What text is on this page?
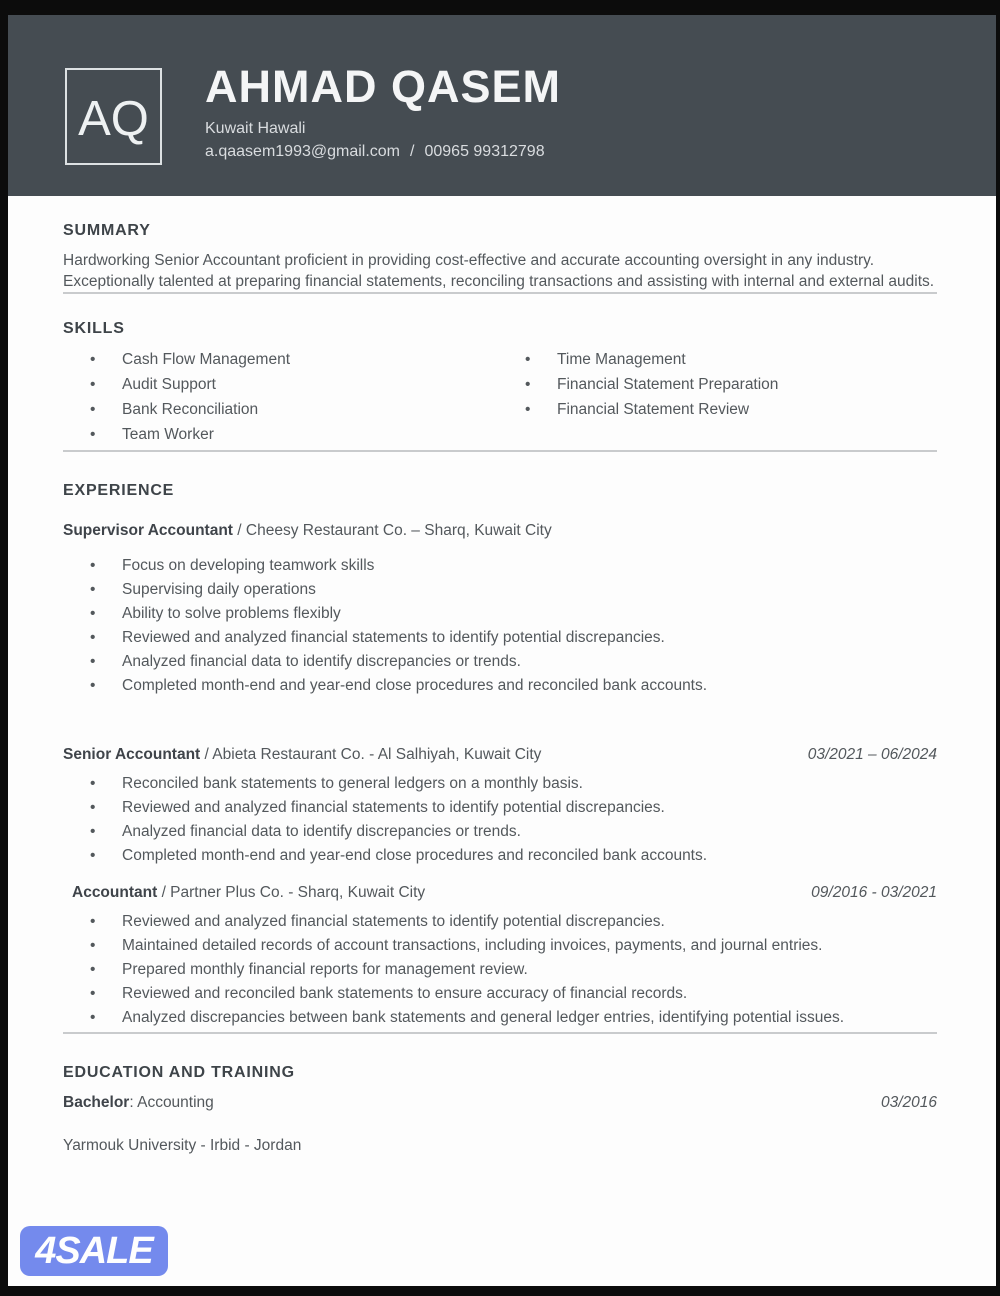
AQ
AHMAD QASEM
Kuwait Hawali
a.qaasem1993@gmail.com / 00965 99312798
SUMMARY

Hardworking Senior Accountant proficient in providing cost-effective and accurate accounting oversight in any industry. Exceptionally talented at preparing financial statements, reconciling transactions and assisting with internal and external audits.

SKILLS
• Cash Flow Management
• Audit Support
• Bank Reconciliation
• Team Worker
• Time Management
• Financial Statement Preparation
• Financial Statement Review
EXPERIENCE
Supervisor Accountant / Cheesy Restaurant Co. – Sharq, Kuwait City
• Focus on developing teamwork skills
• Supervising daily operations
• Ability to solve problems flexibly
• Reviewed and analyzed financial statements to identify potential discrepancies.
• Analyzed financial data to identify discrepancies or trends.
• Completed month-end and year-end close procedures and reconciled bank accounts.
Senior Accountant / Abieta Restaurant Co. - Al Salhiyah, Kuwait City	03/2021 – 06/2024
• Reconciled bank statements to general ledgers on a monthly basis.
• Reviewed and analyzed financial statements to identify potential discrepancies.
• Analyzed financial data to identify discrepancies or trends.
• Completed month-end and year-end close procedures and reconciled bank accounts.
Accountant / Partner Plus Co. - Sharq, Kuwait City	09/2016 - 03/2021
• Reviewed and analyzed financial statements to identify potential discrepancies.
• Maintained detailed records of account transactions, including invoices, payments, and journal entries.
• Prepared monthly financial reports for management review.
• Reviewed and reconciled bank statements to ensure accuracy of financial records.
• Analyzed discrepancies between bank statements and general ledger entries, identifying potential issues.
EDUCATION AND TRAINING
Bachelor: Accounting	03/2016
Yarmouk University - Irbid - Jordan
4SALE
